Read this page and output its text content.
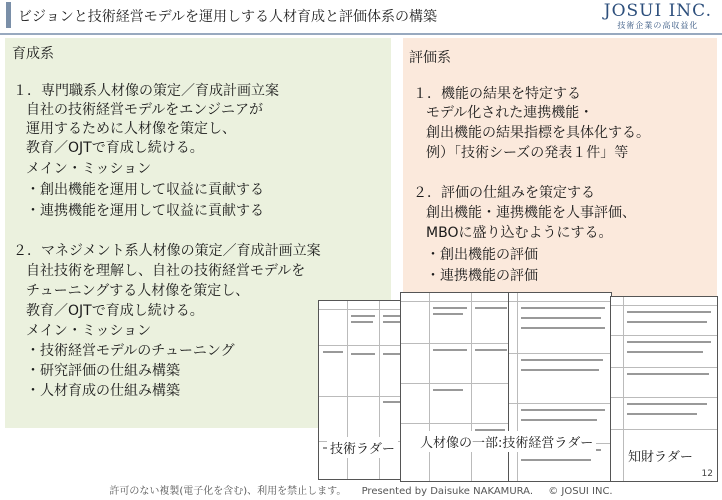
ビジョンと技術経営モデルを運用しする人材育成と評価体系の構築	JOSUI INC.
技術企業の高収益化
育成系
１．専門職系人材像の策定／育成計画立案
自社の技術経営モデルをエンジニアが
運用するために人材像を策定し、
教育／OJTで育成し続ける。
メイン・ミッション
・創出機能を運用して収益に貢献する
・連携機能を運用して収益に貢献する
２．マネジメント系人材像の策定／育成計画立案
自社技術を理解し、自社の技術経営モデルを
チューニングする人材像を策定し、
教育／OJTで育成し続ける。
メイン・ミッション
・技術経営モデルのチューニング
・研究評価の仕組み構築
・人材育成の仕組み構築
評価系
１．機能の結果を特定する
モデル化された連携機能・
創出機能の結果指標を具体化する。
例）「技術シーズの発表１件」等
２．評価の仕組みを策定する
創出機能・連携機能を人事評価、
MBOに盛り込むようにする。
・創出機能の評価
・連携機能の評価
12
技術ラダー 人材像の一部:技術経営ラダー
知財ラダー
許可のない複製(電子化を含む)、利用を禁止します。 Presented by Daisuke NAKAMURA. © JOSUI INC.
